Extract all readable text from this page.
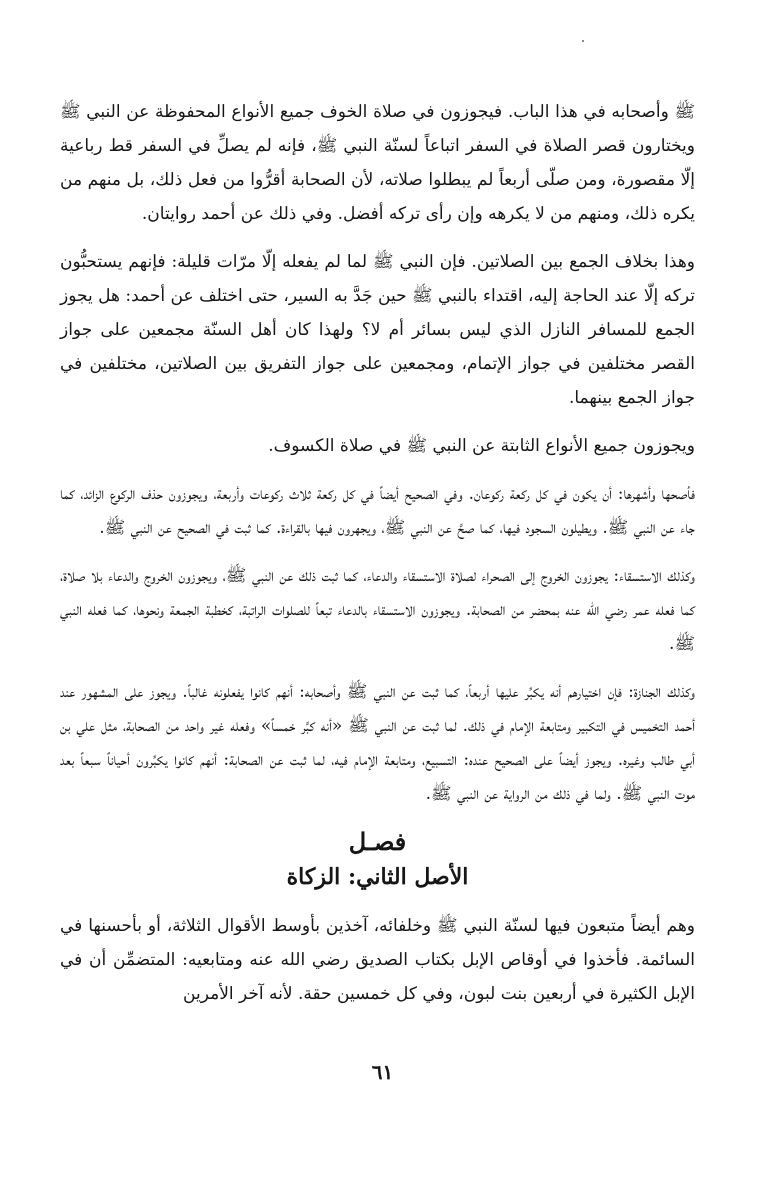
ﷺ وأصحابه في هذا الباب. فيجوزون في صلاة الخوف جميع الأنواع المحفوظة عن النبي ﷺ ويختارون قصر الصلاة في السفر اتباعاً لسنّة النبي ﷺ، فإنه لم يصلِّ في السفر قط رباعية إلّا مقصورة، ومن صلّى أربعاً لم يبطلوا صلاته، لأن الصحابة أقرُّوا من فعل ذلك، بل منهم من يكره ذلك، ومنهم من لا يكرهه وإن رأى تركه أفضل. وفي ذلك عن أحمد روايتان.

وهذا بخلاف الجمع بين الصلاتين. فإن النبي ﷺ لما لم يفعله إلّا مرّات قليلة: فإنهم يستحبُّون تركه إلّا عند الحاجة إليه، اقتداء بالنبي ﷺ حين جَدَّ به السير، حتى اختلف عن أحمد: هل يجوز الجمع للمسافر النازل الذي ليس بسائر أم لا؟ ولهذا كان أهل السنّة مجمعين على جواز القصر مختلفين في جواز الإتمام، ومجمعين على جواز التفريق بين الصلاتين، مختلفين في جواز الجمع بينهما.

ويجوزون جميع الأنواع الثابتة عن النبي ﷺ في صلاة الكسوف.

فأصحها وأشهرها: أن يكون في كل ركعة ركوعان. وفي الصحيح أيضاً في كل ركعة ثلاث ركوعات وأربعة، ويجوزون حذف الركوع الزائد، كما جاء عن النبي ﷺ. ويطيلون السجود فيها، كما صحَّ عن النبي ﷺ، ويجهرون فيها بالقراءة. كما ثبت في الصحيح عن النبي ﷺ.

وكذلك الاستسقاء: يجوزون الخروج إلى الصحراء لصلاة الاستسقاء والدعاء، كما ثبت ذلك عن النبي ﷺ، ويجوزون الخروج والدعاء بلا صلاة، كما فعله عمر رضي الله عنه بمحضر من الصحابة. ويجوزون الاستسقاء بالدعاء تبعاً للصلوات الراتبة، كخطبة الجمعة ونحوها، كما فعله النبي ﷺ.

وكذلك الجنازة: فإن اختيارهم أنه يكبِّر عليها أربعاً، كما ثبت عن النبي ﷺ وأصحابه: أنهم كانوا يفعلونه غالباً. ويجوز على المشهور عند أحمد التخميس في التكبير ومتابعة الإمام في ذلك. لما ثبت عن النبي ﷺ «أنه كبَّر خمساً» وفعله غير واحد من الصحابة، مثل علي بن أبي طالب وغيره. ويجوز أيضاً على الصحيح عنده: التسبيع، ومتابعة الإمام فيه، لما ثبت عن الصحابة: أنهم كانوا يكبِّرون أحياناً سبعاً بعد موت النبي ﷺ. ولما في ذلك من الرواية عن النبي ﷺ.

فصـل
الأصل الثاني: الزكاة

وهم أيضاً متبعون فيها لسنّة النبي ﷺ وخلفائه، آخذين بأوسط الأقوال الثلاثة، أو بأحسنها في السائمة. فأخذوا في أوقاص الإبل بكتاب الصديق رضي الله عنه ومتابعيه: المتضمِّن أن في الإبل الكثيرة في أربعين بنت لبون، وفي كل خمسين حقة. لأنه آخر الأمرين

٦١
